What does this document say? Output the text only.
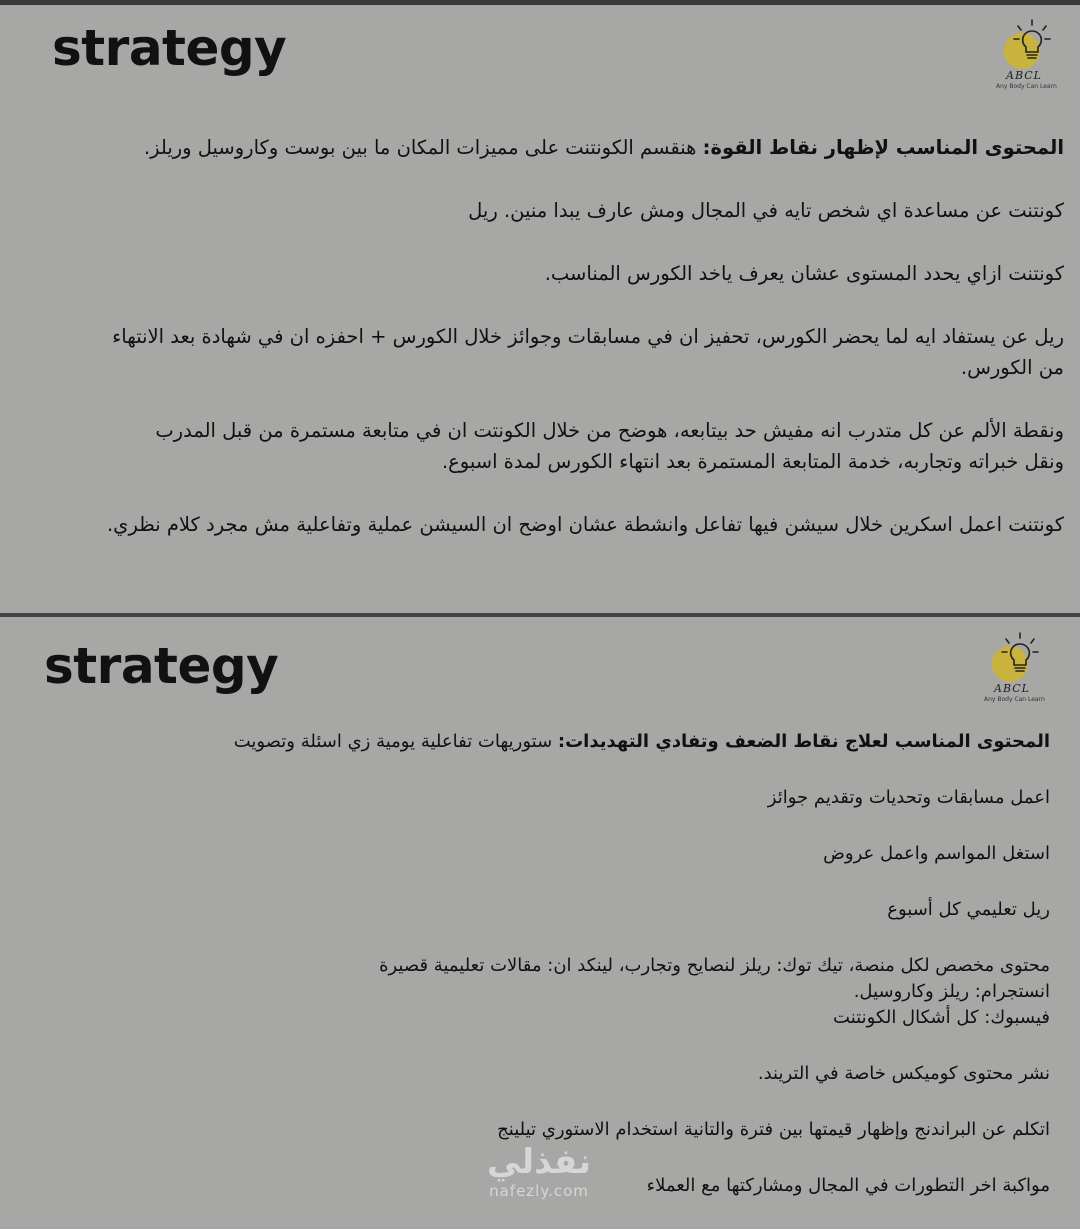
strategy	ABCL
Any Body Can Learn

المحتوى المناسب لإظهار نقاط القوة: هنقسم الكونتنت على مميزات المكان ما بين بوست وكاروسيل وريلز.

كونتنت عن مساعدة اي شخص تايه في المجال ومش عارف يبدا منين. ريل

كونتنت ازاي يحدد المستوى عشان يعرف ياخد الكورس المناسب.

ريل عن يستفاد ايه لما يحضر الكورس، تحفيز ان في مسابقات وجوائز خلال الكورس + احفزه ان في شهادة بعد الانتهاء
من الكورس.

ونقطة الألم عن كل متدرب انه مفيش حد بيتابعه، هوضح من خلال الكونتت ان في متابعة مستمرة من قبل المدرب
ونقل خبراته وتجاربه، خدمة المتابعة المستمرة بعد انتهاء الكورس لمدة اسبوع.

كونتنت اعمل اسكرين خلال سيشن فيها تفاعل وانشطة عشان اوضح ان السيشن عملية وتفاعلية مش مجرد كلام نظري.

strategy	ABCL
Any Body Can Learn

المحتوى المناسب لعلاج نقاط الضعف وتفادي التهديدات: ستوريهات تفاعلية يومية زي اسئلة وتصويت

اعمل مسابقات وتحديات وتقديم جوائز

استغل المواسم واعمل عروض

ريل تعليمي كل أسبوع

محتوى مخصص لكل منصة، تيك توك: ريلز لنصايح وتجارب، لينكد ان: مقالات تعليمية قصيرة
انستجرام: ريلز وكاروسيل.
فيسبوك: كل أشكال الكونتنت

نشر محتوى كوميكس خاصة في التريند.

اتكلم عن البراندنج وإظهار قيمتها بين فترة والتانية استخدام الاستوري تيلينج

مواكبة اخر التطورات في المجال ومشاركتها مع العملاء

نفذلي
nafezly.com
